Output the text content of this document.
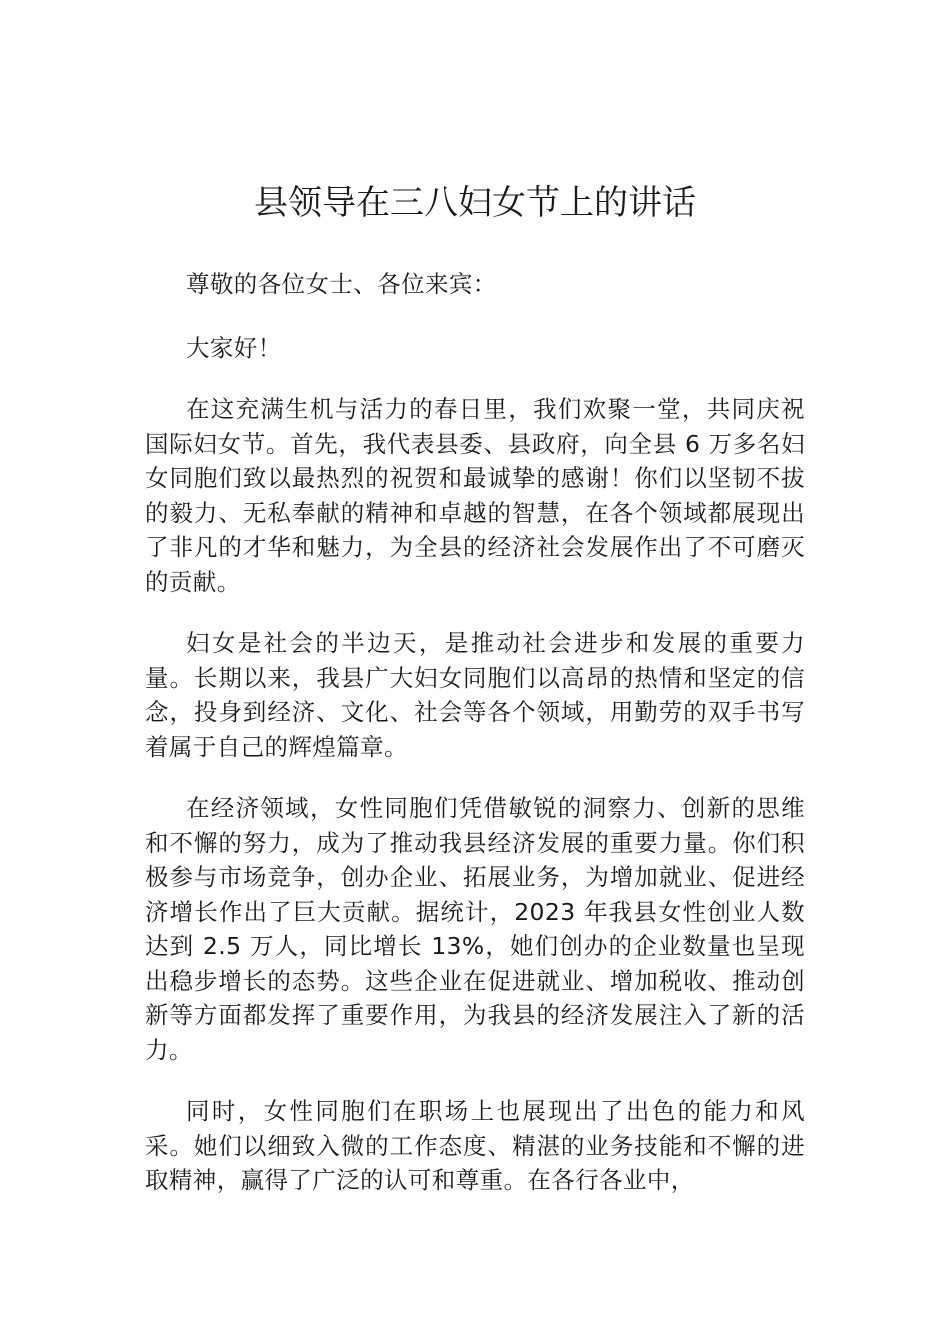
县领导在三八妇女节上的讲话

尊敬的各位女士、各位来宾：

大家好！

在这充满生机与活力的春日里，我们欢聚一堂，共同庆祝国际妇女节。首先，我代表县委、县政府，向全县 6 万多名妇女同胞们致以最热烈的祝贺和最诚挚的感谢！你们以坚韧不拔的毅力、无私奉献的精神和卓越的智慧，在各个领域都展现出了非凡的才华和魅力，为全县的经济社会发展作出了不可磨灭的贡献。

妇女是社会的半边天，是推动社会进步和发展的重要力量。长期以来，我县广大妇女同胞们以高昂的热情和坚定的信念，投身到经济、文化、社会等各个领域，用勤劳的双手书写着属于自己的辉煌篇章。

在经济领域，女性同胞们凭借敏锐的洞察力、创新的思维和不懈的努力，成为了推动我县经济发展的重要力量。你们积极参与市场竞争，创办企业、拓展业务，为增加就业、促进经济增长作出了巨大贡献。据统计，2023 年我县女性创业人数达到 2.5 万人，同比增长 13%，她们创办的企业数量也呈现出稳步增长的态势。这些企业在促进就业、增加税收、推动创新等方面都发挥了重要作用，为我县的经济发展注入了新的活力。

同时，女性同胞们在职场上也展现出了出色的能力和风采。她们以细致入微的工作态度、精湛的业务技能和不懈的进取精神，赢得了广泛的认可和尊重。在各行各业中，
